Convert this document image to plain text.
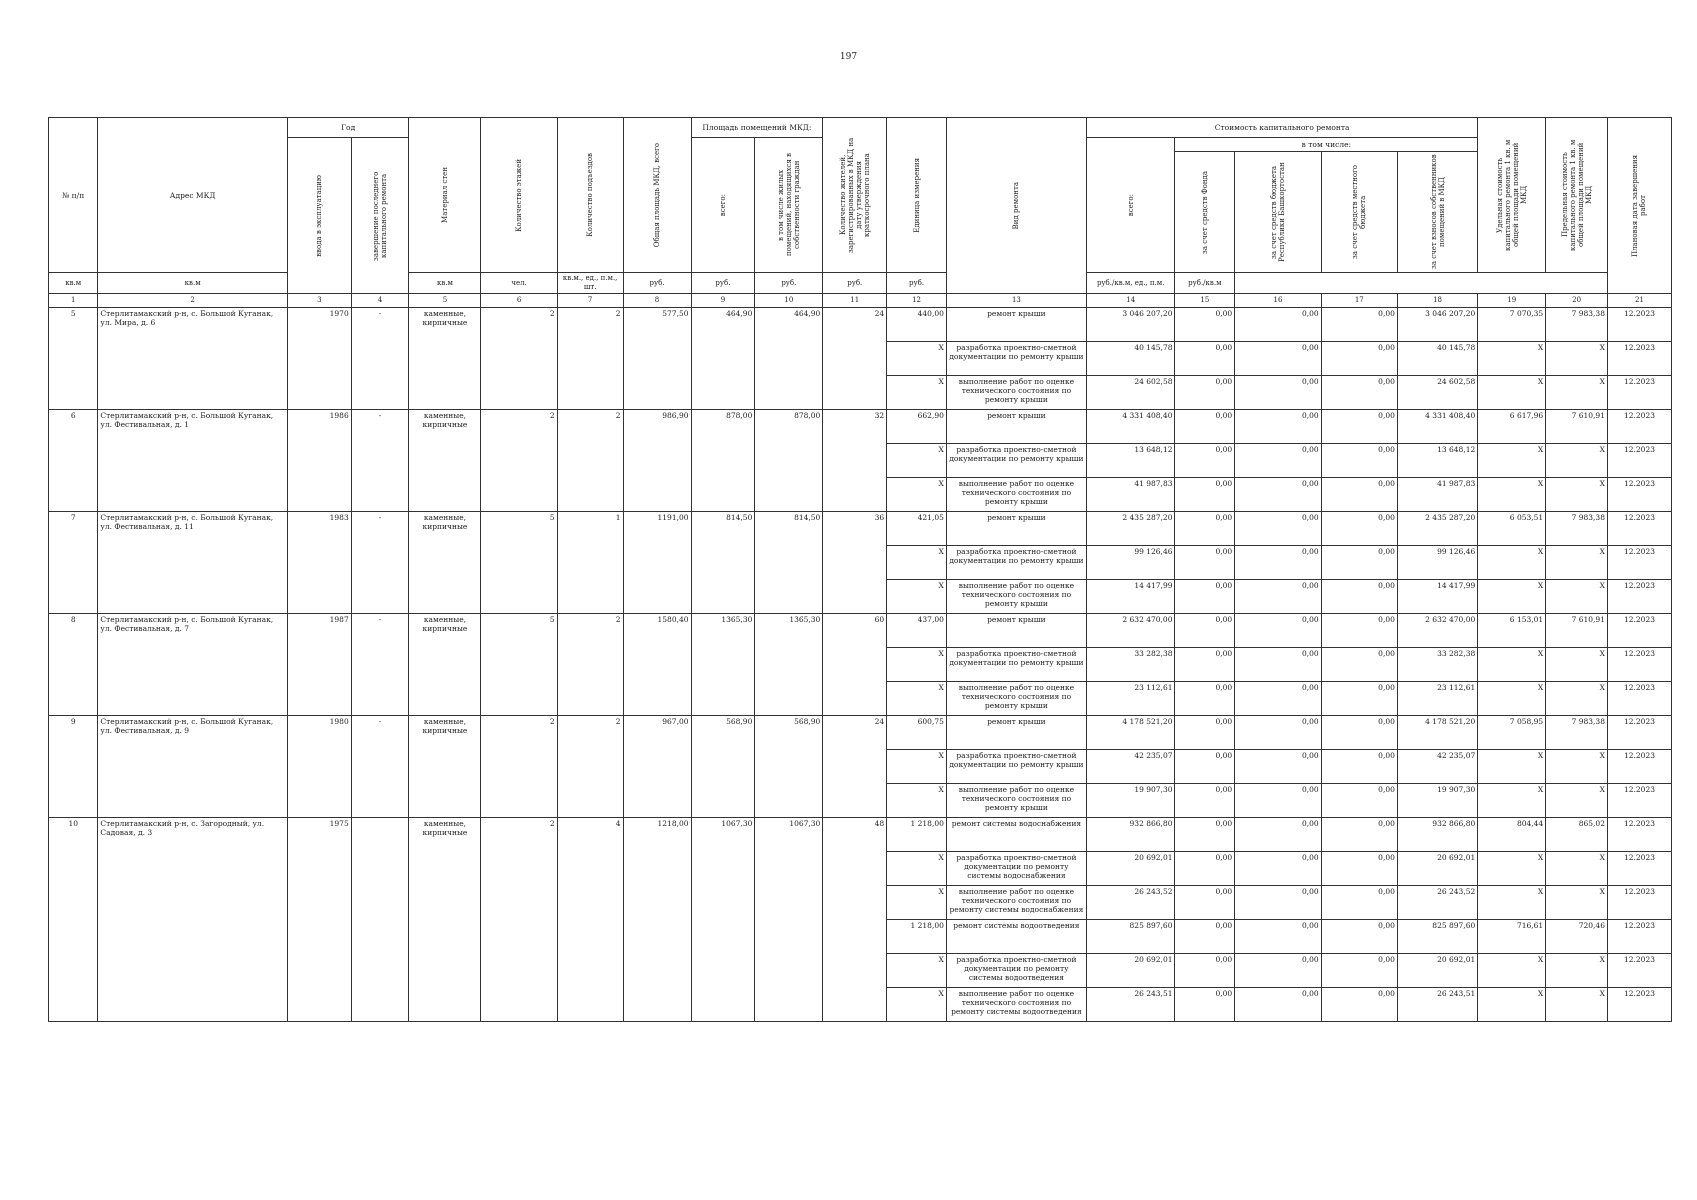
197
№ п/п	Адрес МКД	Год		Материал стен	Количество этажей	Количество подъездов	Общая площадь МКД, всего	Площадь помещений МКД:		Количество жителей, зарегистрированных в МКД на дату утверждения краткосрочного плана	Единица измерения	Вид ремонта	Стоимость капитального ремонта					Удельная стоимость капитального ремонта 1 кв. м общей площади помещений МКД	Предельная стоимость капитального ремонта 1 кв. м общей площади помещений МКД	Плановая дата завершения работ

		ввода в эксплуатацию	завершение последнего капитального ремонта					всего:	в том числе жилых помещений, находящихся в собственности граждан				всего:	в том числе:						

														за счет средств Фонда	за счет средств бюджета Республики Башкортостан	за счет средств местного бюджета	за счет взносов собственников помещений в МКД			

кв.м	кв.м			кв.м	чел.	кв.м., ед., п.м., шт.	руб.	руб.	руб.	руб.	руб.		руб./кв.м, ед., п.м.	руб./кв.м						
1	2	3	4	5	6	7	8	9	10	11	12	13	14	15	16	17	18	19	20	21
5	Стерлитамакский р-н, с. Большой Куганак, ул. Мира, д. 6	1970	-	каменные, кирпичные	2	2	577,50	464,90	464,90	24	440,00	ремонт крыши	3 046 207,20	0,00	0,00	0,00	3 046 207,20	7 070,35	7 983,38	12.2023
											X	разработка проектно-сметной документации по ремонту крыши	40 145,78	0,00	0,00	0,00	40 145,78	X	X	12.2023
											X	выполнение работ по оценке технического состояния по ремонту крыши	24 602,58	0,00	0,00	0,00	24 602,58	X	X	12.2023
6	Стерлитамакский р-н, с. Большой Куганак, ул. Фестивальная, д. 1	1986	-	каменные, кирпичные	2	2	986,90	878,00	878,00	32	662,90	ремонт крыши	4 331 408,40	0,00	0,00	0,00	4 331 408,40	6 617,96	7 610,91	12.2023
											X	разработка проектно-сметной документации по ремонту крыши	13 648,12	0,00	0,00	0,00	13 648,12	X	X	12.2023
											X	выполнение работ по оценке технического состояния по ремонту крыши	41 987,83	0,00	0,00	0,00	41 987,83	X	X	12.2023
7	Стерлитамакский р-н, с. Большой Куганак, ул. Фестивальная, д. 11	1983	-	каменные, кирпичные	5	1	1191,00	814,50	814,50	36	421,05	ремонт крыши	2 435 287,20	0,00	0,00	0,00	2 435 287,20	6 053,51	7 983,38	12.2023
											X	разработка проектно-сметной документации по ремонту крыши	99 126,46	0,00	0,00	0,00	99 126,46	X	X	12.2023
											X	выполнение работ по оценке технического состояния по ремонту крыши	14 417,99	0,00	0,00	0,00	14 417,99	X	X	12.2023
8	Стерлитамакский р-н, с. Большой Куганак, ул. Фестивальная, д. 7	1987	-	каменные, кирпичные	5	2	1580,40	1365,30	1365,30	60	437,00	ремонт крыши	2 632 470,00	0,00	0,00	0,00	2 632 470,00	6 153,01	7 610,91	12.2023
											X	разработка проектно-сметной документации по ремонту крыши	33 282,38	0,00	0,00	0,00	33 282,38	X	X	12.2023
											X	выполнение работ по оценке технического состояния по ремонту крыши	23 112,61	0,00	0,00	0,00	23 112,61	X	X	12.2023
9	Стерлитамакский р-н, с. Большой Куганак, ул. Фестивальная, д. 9	1980	-	каменные, кирпичные	2	2	967,00	568,90	568,90	24	600,75	ремонт крыши	4 178 521,20	0,00	0,00	0,00	4 178 521,20	7 058,95	7 983,38	12.2023
											X	разработка проектно-сметной документации по ремонту крыши	42 235,07	0,00	0,00	0,00	42 235,07	X	X	12.2023
											X	выполнение работ по оценке технического состояния по ремонту крыши	19 907,30	0,00	0,00	0,00	19 907,30	X	X	12.2023
10	Стерлитамакский р-н, с. Загородный, ул. Садовая, д. 3	1975		каменные, кирпичные	2	4	1218,00	1067,30	1067,30	48	1 218,00	ремонт системы водоснабжения	932 866,80	0,00	0,00	0,00	932 866,80	804,44	865,02	12.2023
											X	разработка проектно-сметной документации по ремонту системы водоснабжения	20 692,01	0,00	0,00	0,00	20 692,01	X	X	12.2023
											X	выполнение работ по оценке технического состояния по ремонту системы водоснабжения	26 243,52	0,00	0,00	0,00	26 243,52	X	X	12.2023
											1 218,00	ремонт системы водоотведения	825 897,60	0,00	0,00	0,00	825 897,60	716,61	720,46	12.2023
											X	разработка проектно-сметной документации по ремонту системы водоотведения	20 692,01	0,00	0,00	0,00	20 692,01	X	X	12.2023
											X	выполнение работ по оценке технического состояния по ремонту системы водоотведения	26 243,51	0,00	0,00	0,00	26 243,51	X	X	12.2023
